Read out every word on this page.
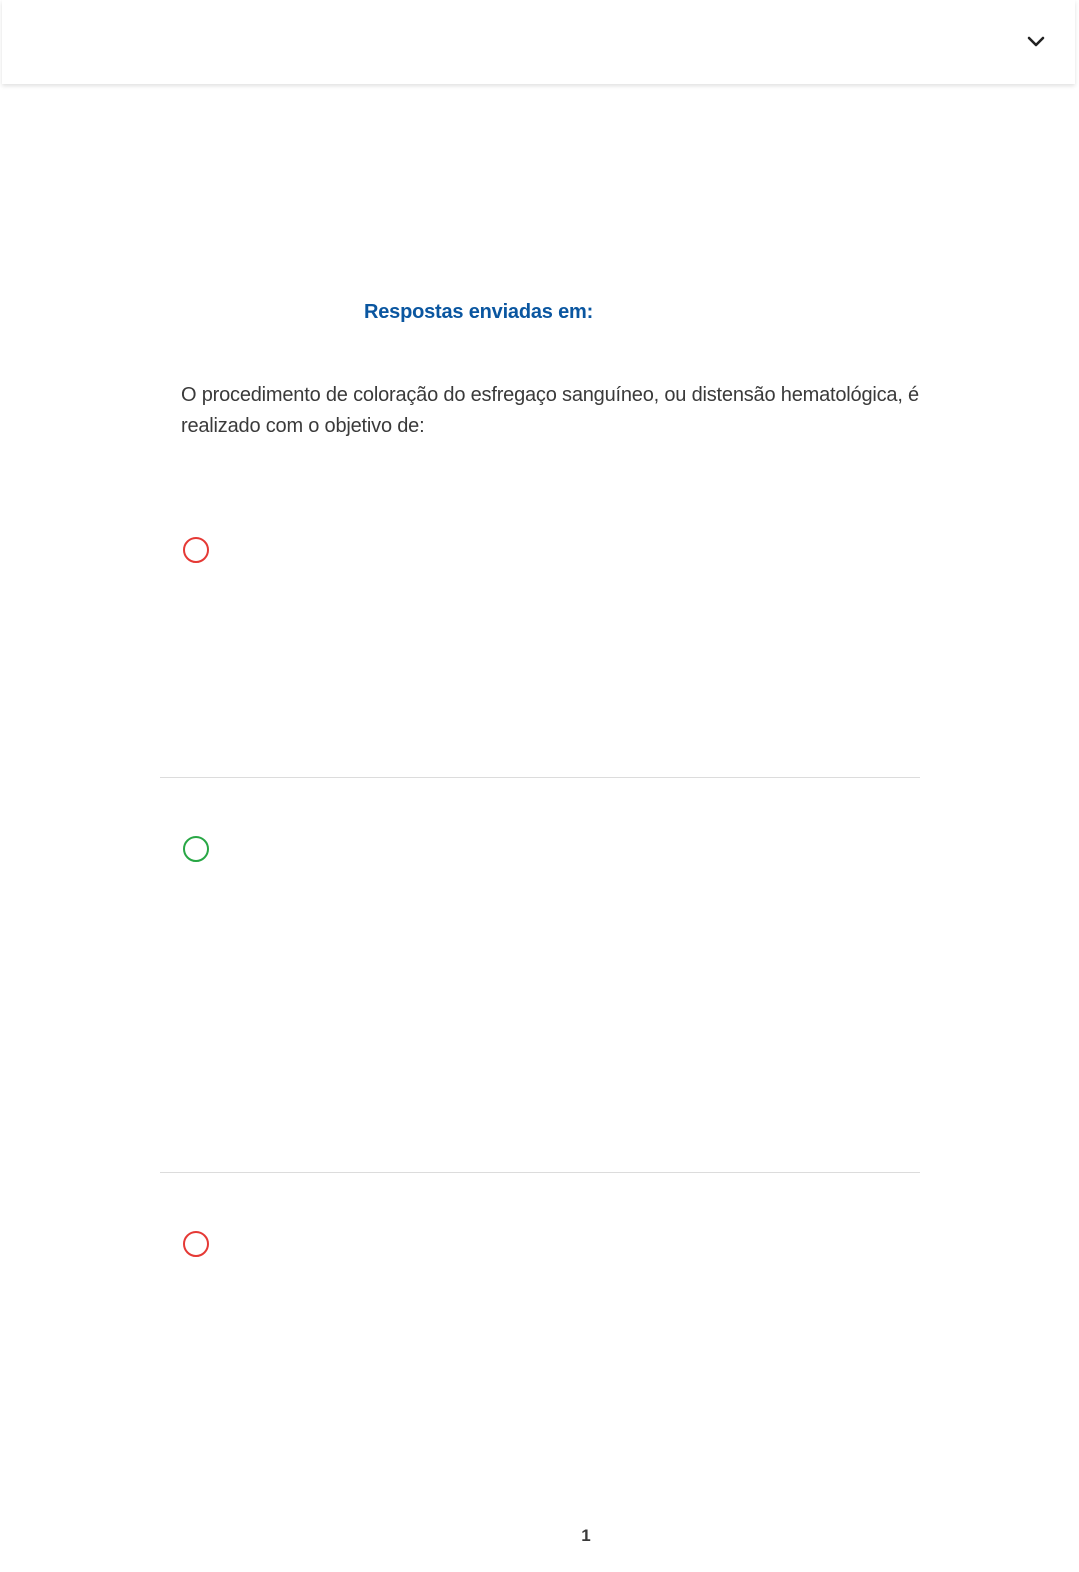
Respostas enviadas em:
O procedimento de coloração do esfregaço sanguíneo, ou distensão hematológica, é realizado com o objetivo de:
1
